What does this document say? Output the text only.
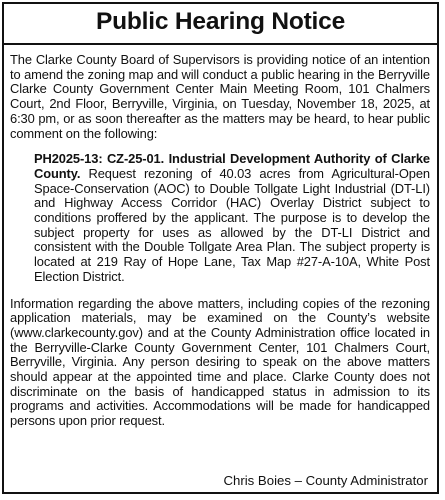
Public Hearing Notice

The Clarke County Board of Supervisors is providing notice of an intention to amend the zoning map and will conduct a public hearing in the Berryville Clarke County Government Center Main Meeting Room, 101 Chalmers Court, 2nd Floor, Berryville, Virginia, on Tuesday, November 18, 2025, at 6:30 pm, or as soon thereafter as the matters may be heard, to hear public comment on the following:

PH2025-13: CZ-25-01. Industrial Development Authority of Clarke County. Request rezoning of 40.03 acres from Agricultural-Open Space-Conservation (AOC) to Double Tollgate Light Industrial (DT-LI) and Highway Access Corridor (HAC) Overlay District subject to conditions proffered by the applicant. The purpose is to develop the subject property for uses as allowed by the DT-LI District and consistent with the Double Tollgate Area Plan. The subject property is located at 219 Ray of Hope Lane, Tax Map #27-A-10A, White Post Election District.

Information regarding the above matters, including copies of the rezoning application materials, may be examined on the County’s website (www.clarkecounty.gov) and at the County Administration office located in the Berryville-Clarke County Government Center, 101 Chalmers Court, Berryville, Virginia. Any person desiring to speak on the above matters should appear at the appointed time and place. Clarke County does not discriminate on the basis of handicapped status in admission to its programs and activities. Accommodations will be made for handicapped persons upon prior request.

Chris Boies – County Administrator
